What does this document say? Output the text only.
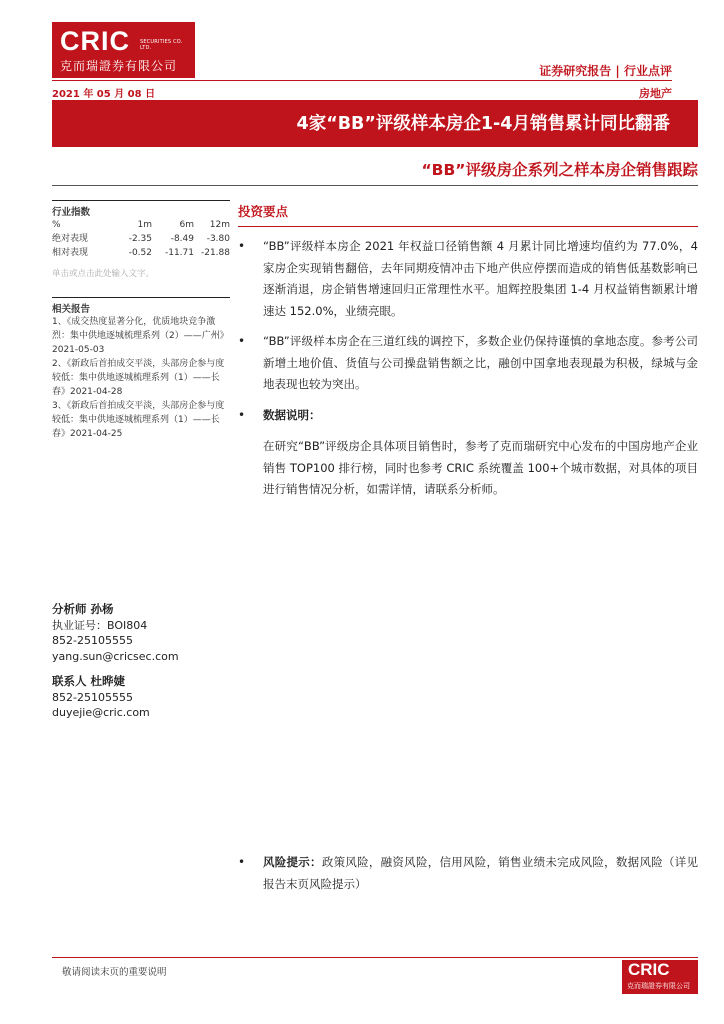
CRIC SECURITIES CO. LTD.
克而瑞證券有限公司	证券研究报告 | 行业点评
2021 年 05 月 08 日	房地产
4家“BB”评级样本房企1-4月销售累计同比翻番
“BB”评级房企系列之样本房企销售跟踪
行业指数
%	1m	6m	12m
绝对表现	-2.35	-8.49	-3.80
相对表现	-0.52	-11.71 -21.88
单击或点击此处输入文字。
相关报告
1、《成交热度显著分化，优质地块竞争激烈：集中供地逐城梳理系列（2）——广州》2021-05-03
2、《新政后首拍成交平淡，头部房企参与度较低：集中供地逐城梳理系列（1）——长春》2021-04-28
3、《新政后首拍成交平淡，头部房企参与度较低：集中供地逐城梳理系列（1）——长春》2021-04-25
分析师 孙杨
执业证号：BOI804
852-25105555
yang.sun@cricsec.com
联系人 杜晔婕
852-25105555
duyejie@cric.com
投资要点
• “BB”评级样本房企 2021 年权益口径销售额 4 月累计同比增速均值约为 77.0%，4 家房企实现销售翻倍，去年同期疫情冲击下地产供应停摆而造成的销售低基数影响已逐渐消退，房企销售增速回归正常理性水平。旭辉控股集团 1-4 月权益销售额累计增速达 152.0%，业绩亮眼。
• “BB”评级样本房企在三道红线的调控下，多数企业仍保持谨慎的拿地态度。参考公司新增土地价值、货值与公司操盘销售额之比，融创中国拿地表现最为积极，绿城与金地表现也较为突出。
• 数据说明：
在研究“BB”评级房企具体项目销售时，参考了克而瑞研究中心发布的中国房地产企业销售 TOP100 排行榜，同时也参考 CRIC 系统覆盖 100+个城市数据，对具体的项目进行销售情况分析，如需详情，请联系分析师。
• 风险提示：政策风险，融资风险，信用风险，销售业绩未完成风险，数据风险（详见报告末页风险提示）
敬请阅读末页的重要说明	CRIC
克而瑞證券有限公司
